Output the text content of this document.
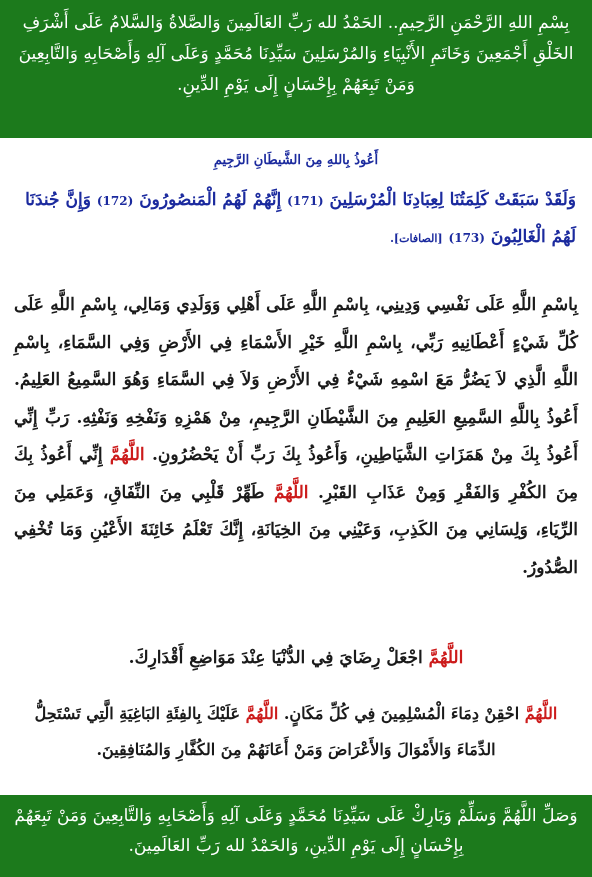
بِسْمِ اللهِ الرَّحْمَنِ الرَّحِيمِ.. الحَمْدُ لله رَبِّ العَالَمِينَ وَالصَّلاةُ وَالسَّلامُ عَلَى أَشْرَفِ الخَلْقِ أَجْمَعِينَ وَخَاتَمِ الأَنْبِيَاءِ وَالمُرْسَلِينَ سَيِّدِنَا مُحَمَّدٍ وَعَلَى آلِهِ وَأَصْحَابِهِ وَالتَّابِعِينَ وَمَنْ تَبِعَهُمْ بِإِحْسَانٍ إِلَى يَوْمِ الدِّينِ.
أَعُوذُ بِاللهِ مِنَ الشَّيطَانِ الرَّجِيمِ
وَلَقَدْ سَبَقَتْ كَلِمَتُنَا لِعِبَادِنَا الْمُرْسَلِينَ (171) إِنَّهُمْ لَهُمُ الْمَنصُورُونَ (172) وَإِنَّ جُندَنَا لَهُمُ الْغَالِبُونَ (173) [الصافات].
بِاسْمِ اللَّهِ عَلَى نَفْسِي وَدِينِي، بِاسْمِ اللَّهِ عَلَى أَهْلِي وَوَلَدِي وَمَالِي، بِاسْمِ اللَّهِ عَلَى كُلِّ شَيْءٍ أَعْطَانِيهِ رَبِّي، بِاسْمِ اللَّهِ خَيْرِ الأَسْمَاءِ فِي الأَرْضِ وَفِي السَّمَاءِ، بِاسْمِ اللَّهِ الَّذِي لاَ يَضُرُّ مَعَ اسْمِهِ شَيْءٌ فِي الأَرْضِ وَلاَ فِي السَّمَاءِ وَهُوَ السَّمِيعُ العَلِيمُ. أَعُوذُ بِاللَّهِ السَّمِيعِ العَلِيمِ مِنَ الشَّيْطَانِ الرَّجِيمِ، مِنْ هَمْزِهِ وَنَفْخِهِ وَنَفْثِهِ. رَبِّ إِنِّي أَعُوذُ بِكَ مِنْ هَمَزَاتِ الشَّيَاطِينِ، وَأَعُوذُ بِكَ رَبِّ أَنْ يَحْضُرُونِ. اللَّهُمَّ إِنِّي أَعُوذُ بِكَ مِنَ الكُفْرِ وَالفَقْرِ وَمِنْ عَذَابِ القَبْرِ. اللَّهُمَّ طَهِّرْ قَلْبِي مِنَ النِّفَاقِ، وَعَمَلِي مِنَ الرِّيَاءِ، وَلِسَانِي مِنَ الكَذِبِ، وَعَيْنِي مِنَ الخِيَانَةِ، إِنَّكَ تَعْلَمُ خَائِنَةَ الأَعْيُنِ وَمَا تُخْفِي الصُّدُورُ.
اللَّهُمَّ اجْعَلْ رِضَايَ فِي الدُّنْيَا عِنْدَ مَوَاضِعِ أَقْدَارِكَ.
اللَّهُمَّ احْقِنْ دِمَاءَ الْمُسْلِمِينَ فِي كُلِّ مَكَانٍ. اللَّهُمَّ عَلَيْكَ بِالفِئَةِ البَاغِيَةِ الَّتِي تَسْتَحِلُّ الدِّمَاءَ وَالأَمْوَالَ وَالأَعْرَاضَ وَمَنْ أَعَانَهُمْ مِنَ الكُفَّارِ وَالمُنَافِقِينَ.
وَصَلِّ اللَّهُمَّ وَسَلِّمْ وَبَارِكْ عَلَى سَيِّدِنَا مُحَمَّدٍ وَعَلَى آلِهِ وَأَصْحَابِهِ وَالتَّابِعِينَ وَمَنْ تَبِعَهُمْ بِإِحْسَانٍ إِلَى يَوْمِ الدِّينِ، وَالحَمْدُ لله رَبِّ العَالَمِينَ.
